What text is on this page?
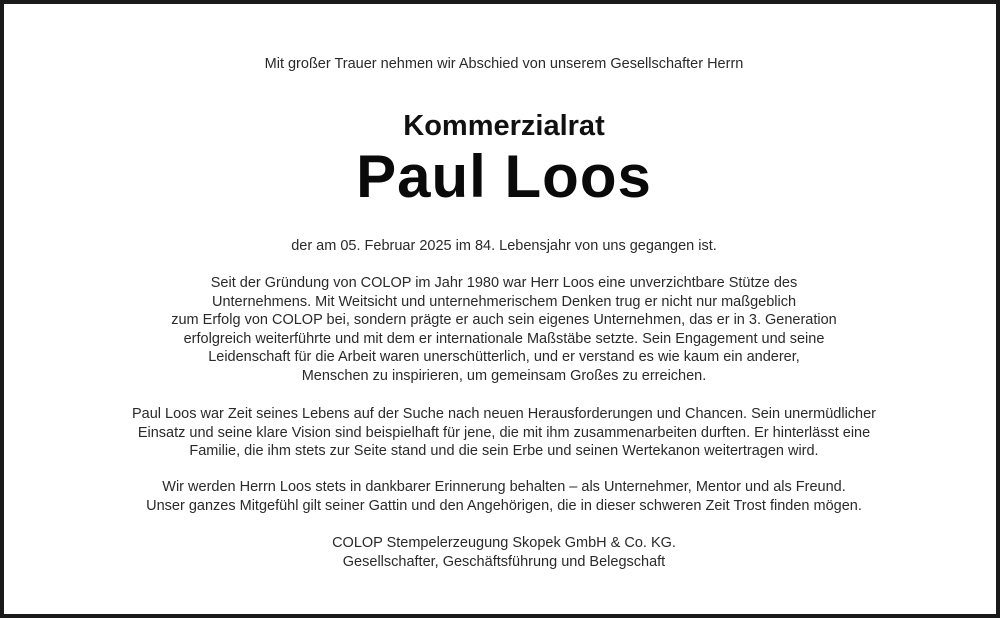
Mit großer Trauer nehmen wir Abschied von unserem Gesellschafter Herrn
Kommerzialrat
Paul Loos
der am 05. Februar 2025 im 84. Lebensjahr von uns gegangen ist.
Seit der Gründung von COLOP im Jahr 1980 war Herr Loos eine unverzichtbare Stütze des
Unternehmens. Mit Weitsicht und unternehmerischem Denken trug er nicht nur maßgeblich
zum Erfolg von COLOP bei, sondern prägte er auch sein eigenes Unternehmen, das er in 3. Generation
erfolgreich weiterführte und mit dem er internationale Maßstäbe setzte. Sein Engagement und seine
Leidenschaft für die Arbeit waren unerschütterlich, und er verstand es wie kaum ein anderer,
Menschen zu inspirieren, um gemeinsam Großes zu erreichen.
Paul Loos war Zeit seines Lebens auf der Suche nach neuen Herausforderungen und Chancen. Sein unermüdlicher
Einsatz und seine klare Vision sind beispielhaft für jene, die mit ihm zusammenarbeiten durften. Er hinterlässt eine
Familie, die ihm stets zur Seite stand und die sein Erbe und seinen Wertekanon weitertragen wird.
Wir werden Herrn Loos stets in dankbarer Erinnerung behalten – als Unternehmer, Mentor und als Freund.
Unser ganzes Mitgefühl gilt seiner Gattin und den Angehörigen, die in dieser schweren Zeit Trost finden mögen.
COLOP Stempelerzeugung Skopek GmbH & Co. KG.
Gesellschafter, Geschäftsführung und Belegschaft
